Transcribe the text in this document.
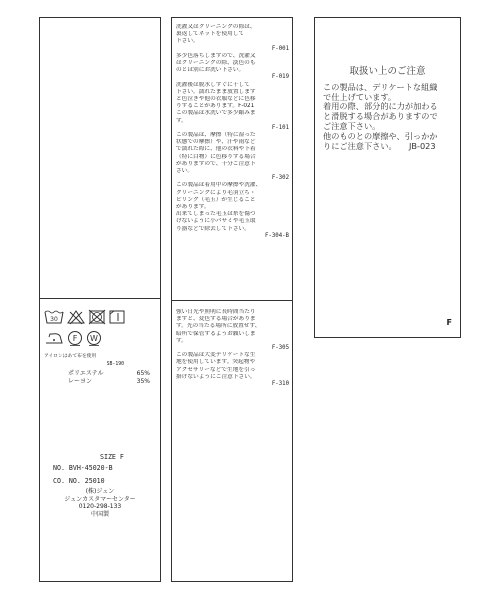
30
F W
アイロンはあて布を使用
SB-190
ポリエステル	65%
レーヨン	35%
SIZE F
NO. BVH-45020-B
CO. NO. 25010
(株)ジュン
ジュンカスタマーセンター
0120-298-133
中国製
洗濯又はクリーニングの際は、
裏返してネットを使用して
下さい。
F-001
多少色落ちしますので、洗濯又
はクリーニングの際、淡色のも
のとは別にお洗い下さい。
F-019
洗濯後は脱水しすぐに干して
下さい。濡れたまま放置します
と色泣きや他の衣服などに色移
りすることがあります。F-021
この製品は水洗いで多少縮みま
す。
F-101
この製品は、摩擦（特に湿った
状態での摩擦）や、汗や雨など
で濡れた際に、他の衣料や下着
（特に白物）に色移りする場合
がありますので、十分ご注意下
さい。
F-302
この製品は着用中の摩擦や洗濯、
クリーニングにより毛羽立ち・
ピリング（毛玉）が生じること
があります。
出来てしまった毛玉は糸を傷つ
けないように小バサミや毛玉取
り器などで除去して下さい。
F-304-B
強い日光や照明に長時間当たり
ますと、変色する場合がありま
す。光の当たる場所に放置せず、
暗所で保管するようお願いしま
す。
F-305
この製品は大変デリケートな生
地を使用しています。突起物や
アクセサリーなどで生地を引っ
掛けないようにご注意下さい。
F-310
取扱い上のご注意
この製品は、デリケートな組織
で仕上げています。
着用の際、部分的に力が加わる
と滑脱する場合がありますので
ご注意下さい。
他のものとの摩擦や、引っかか
りにご注意下さい。　　JB-023
F
